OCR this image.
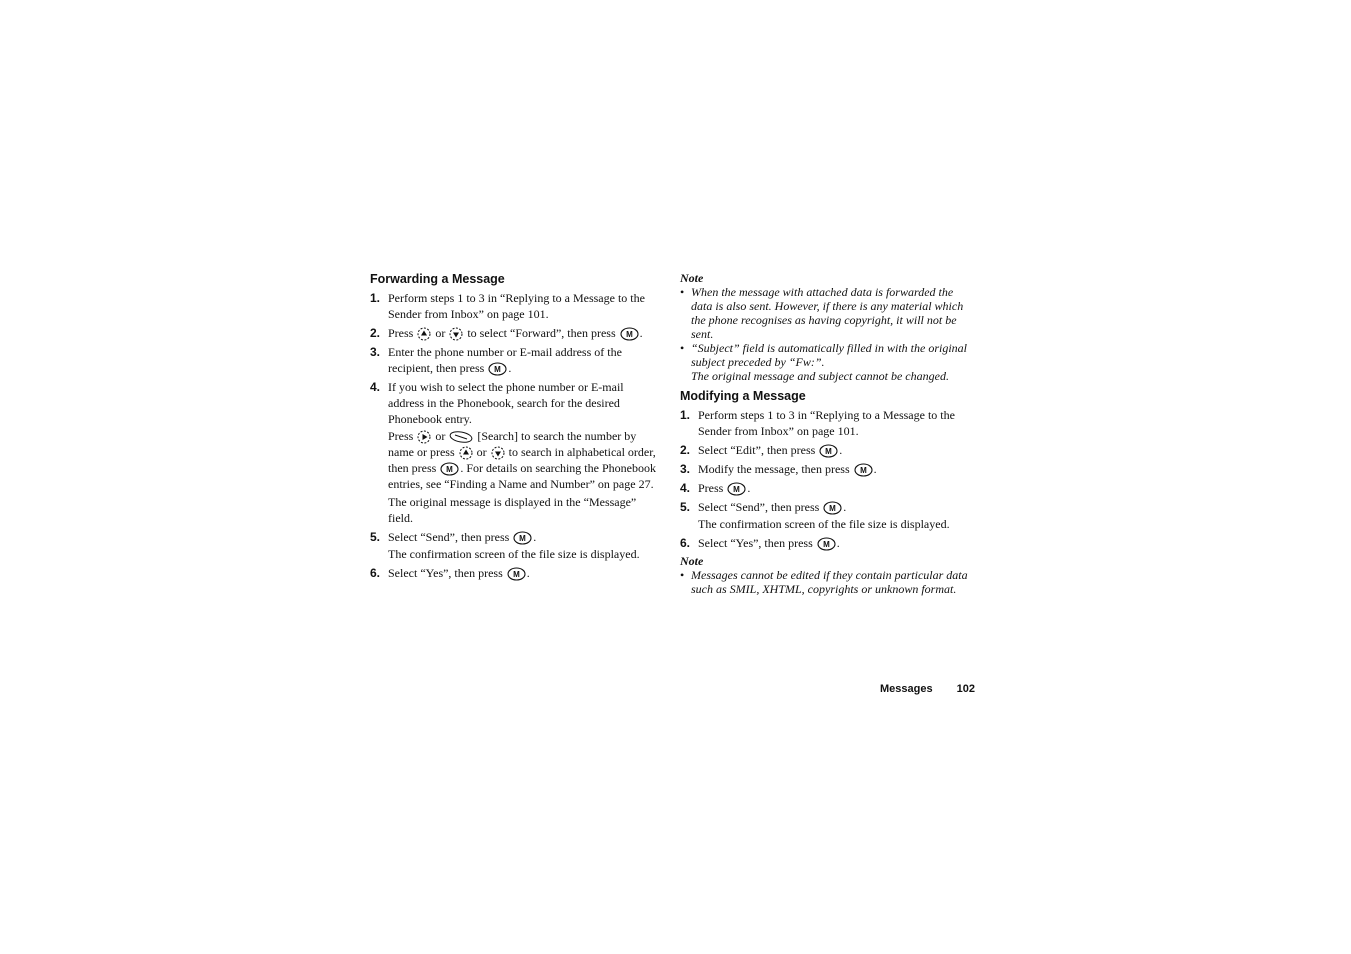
Forwarding a Message
1. Perform steps 1 to 3 in “Replying to a Message to the Sender from Inbox” on page 101.
2. Press or to select “Forward”, then press M .
3. Enter the phone number or E-mail address of the recipient, then press M .
4. If you wish to select the phone number or E-mail address in the Phonebook, search for the desired Phonebook entry.
Press or	[Search] to search the number by name or press or to search in alphabetical order, then press M . For details on searching the Phonebook entries, see “Finding a Name and Number” on page 27.
The original message is displayed in the “Message” field.
5. Select “Send”, then press M .
The confirmation screen of the file size is displayed.
6. Select “Yes”, then press M .

Note

• When the message with attached data is forwarded the data is also sent. However, if there is any material which the phone recognises as having copyright, it will not be sent.
• “Subject” field is automatically filled in with the original subject preceded by “Fw:”.
The original message and subject cannot be changed.
Modifying a Message
1. Perform steps 1 to 3 in “Replying to a Message to the Sender from Inbox” on page 101.
2. Select “Edit”, then press M .
3. Modify the message, then press M .
4. Press M .
5. Select “Send”, then press M .
The confirmation screen of the file size is displayed.
6. Select “Yes”, then press M .

Note

• Messages cannot be edited if they contain particular data such as SMIL, XHTML, copyrights or unknown format.
Messages 102
